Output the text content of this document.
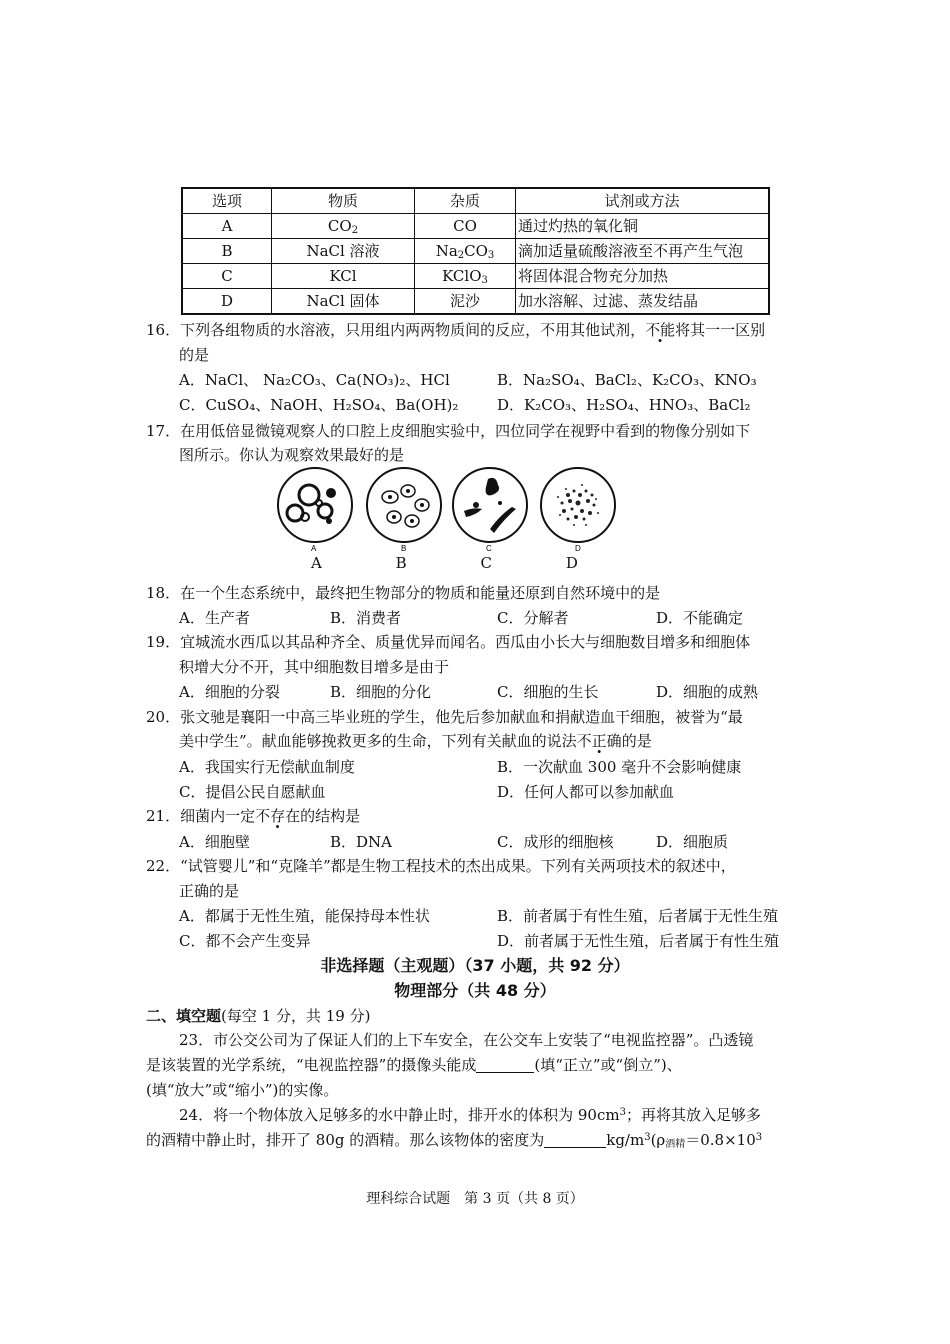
选项	物质	杂质	试剂或方法
A	$CO_2$	CO	通过灼热的氧化铜
B	NaCl 溶液	$Na_2CO_3$	滴加适量硫酸溶液至不再产生气泡
C	KCl	KClO$_3$	将固体混合物充分加热
D	NaCl 固体	泥沙	加水溶解、过滤、蒸发结晶
16．下列各组物质的水溶液，只用组内两两物质间的反应，不用其他试剂，不能将其一一区别
的是
A．NaCl、 Na₂CO₃、Ca(NO₃)₂、HCl	B．Na₂SO₄、BaCl₂、K₂CO₃、KNO₃
C．CuSO₄、NaOH、H₂SO₄、Ba(OH)₂	D．K₂CO₃、H₂SO₄、HNO₃、BaCl₂
17．在用低倍显微镜观察人的口腔上皮细胞实验中，四位同学在视野中看到的物像分别如下
图所示。你认为观察效果最好的是
A	B	C	D
A     B     C     D
18．在一个生态系统中，最终把生物部分的物质和能量还原到自然环境中的是
A．生产者	B．消费者	C．分解者	D．不能确定
19．宜城流水西瓜以其品种齐全、质量优异而闻名。西瓜由小长大与细胞数目增多和细胞体
积增大分不开，其中细胞数目增多是由于
A．细胞的分裂	B．细胞的分化	C．细胞的生长	D．细胞的成熟
20．张文驰是襄阳一中高三毕业班的学生，他先后参加献血和捐献造血干细胞，被誉为“最
美中学生”。献血能够挽救更多的生命，下列有关献血的说法不正确的是
A．我国实行无偿献血制度	B．一次献血 300 毫升不会影响健康
C．提倡公民自愿献血	D．任何人都可以参加献血
21．细菌内一定不存在的结构是
A．细胞壁	B．DNA	C．成形的细胞核	D．细胞质
22．“试管婴儿”和“克隆羊”都是生物工程技术的杰出成果。下列有关两项技术的叙述中，
正确的是
A．都属于无性生殖，能保持母本性状	B．前者属于有性生殖，后者属于无性生殖
C．都不会产生变异	D．前者属于无性生殖，后者属于有性生殖
非选择题（主观题）（37 小题，共 92 分）
物理部分（共 48 分）
二、填空题(每空 1 分，共 19 分)
23．市公交公司为了保证人们的上下车安全，在公交车上安装了“电视监控器”。凸透镜
是该装置的光学系统，“电视监控器”的摄像头能成	(填“正立”或“倒立”)、
(填“放大”或“缩小”)的实像。
24．将一个物体放入足够多的水中静止时，排开水的体积为 $90cm^3$；再将其放入足够多
的酒精中静止时，排开了 80g 的酒精。那么该物体的密度为	$kg/m^3(\rho_{酒精}=0.8\times 10^3$
理科综合试题　第 3 页（共 8 页）
